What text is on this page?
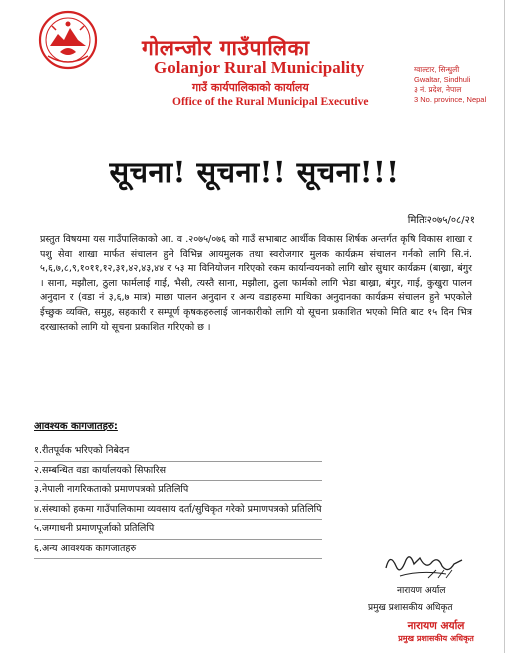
गोलन्जोर गाउँपालिका
Golanjor Rural Municipality
गाउँ कार्यपालिकाको कार्यालय
Office of the Rural Municipal Executive
ग्वाल्टार, सिन्धुली
Gwaltar, Sindhuli
३ नं. प्रदेश, नेपाल
3 No. province, Nepal
सूचना! सूचना!! सूचना!!!
मितिः२०७५/०८/२१
प्रस्तुत विषयमा यस गाउँपालिकाको आ. व .२०७५/०७६ को गाउँ सभाबाट आर्थीक विकास शिर्षक अन्तर्गत कृषि विकास शाखा र पशु सेवा शाखा मार्फत संचालन हुने विभिन्न आयमुलक तथा स्वरोजगार मुलक कार्यक्रम संचालन गर्नको लागि सि.नं. ५,६,७,८,९,१०११,१२,३१,४२,४३,४४ र ५३ मा विनियोजन गरिएको रकम कार्यान्वयनको लागि खोर सुधार कार्यक्रम (बाख्रा, बंगुर । साना, मझौला, ठुला फार्मलाई गाई, भैसी, त्यस्तै साना, मझौला, ठुला फार्मको लागि भेडा बाख्रा, बंगुर, गाई, कुखुरा पालन अनुदान र (वडा नं ३,६,७ मात्र) माछा पालन अनुदान र अन्य वडाहरुमा माथिका अनुदानका कार्यक्रम संचालन हुने भएकोले ईच्छुक व्यक्ति, समुह, सहकारी र सम्पूर्ण कृषकहरुलाई जानकारीको लागि यो सूचना प्रकाशित भएको मिति बाट १५ दिन भित्र दरखास्तको लागि यो सूचना प्रकाशित गरिएको छ ।
आवश्यक कागजातहरु:
१.रीतपूर्वक भरिएको निबेदन
२.सम्बन्धित वडा कार्यालयको सिफारिस
३.नेपाली नागरिकताको प्रमाणपत्रको प्रतिलिपि
४.संस्थाको हकमा गाउँपालिकामा व्यवसाय दर्ता/सुचिकृत गरेको प्रमाणपत्रको प्रतिलिपि
५.जग्गाधनी प्रमाणपूर्जाको प्रतिलिपि
६.अन्य आवश्यक कागजातहरु
नारायण अर्याल
प्रमुख प्रशासकीय अधिकृत
नारायण अर्याल
प्रमुख प्रशासकीय अधिकृत
